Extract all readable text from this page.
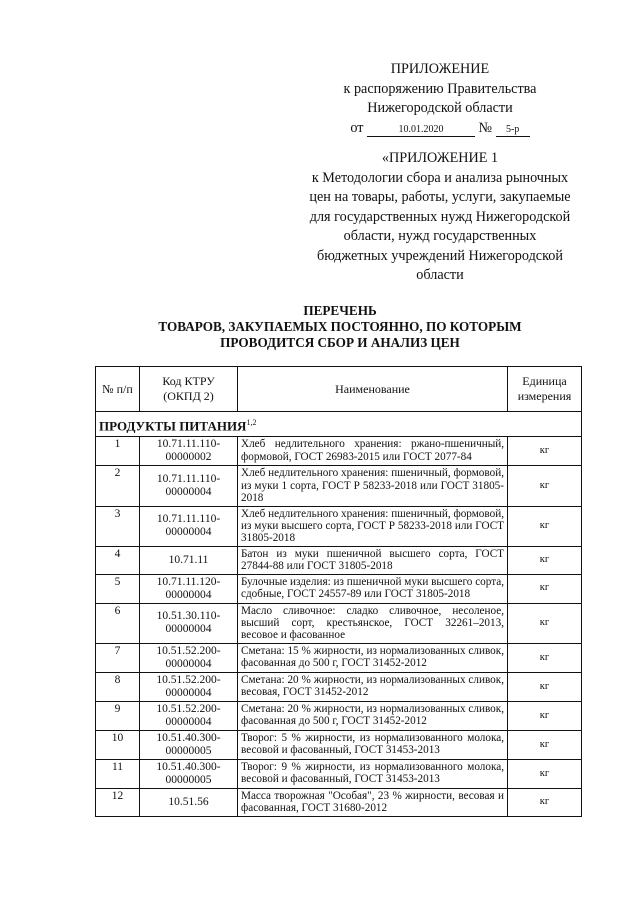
ПРИЛОЖЕНИЕ
к распоряжению Правительства
Нижегородской области
от	10.01.2020 № 5-р
«ПРИЛОЖЕНИЕ 1
к Методологии сбора и анализа рыночных
цен на товары, работы, услуги, закупаемые
для государственных нужд Нижегородской
области, нужд государственных
бюджетных учреждений Нижегородской
области
ПЕРЕЧЕНЬ
ТОВАРОВ, ЗАКУПАЕМЫХ ПОСТОЯННО, ПО КОТОРЫМ
ПРОВОДИТСЯ СБОР И АНАЛИЗ ЦЕН
№ п/п	Код КТРУ (ОКПД 2)	Наименование	Единица измерения
ПРОДУКТЫ ПИТАНИЯ$^{1,2}$
1	10.71.11.110-00000002	Хлеб недлительного хранения: ржано-пшеничный, формовой, ГОСТ 26983-2015 или ГОСТ 2077-84	кг
2	10.71.11.110-00000004	Хлеб недлительного хранения: пшеничный, формовой, из муки 1 сорта, ГОСТ Р 58233-2018 или ГОСТ 31805-2018	кг
3	10.71.11.110-00000004	Хлеб недлительного хранения: пшеничный, формовой, из муки высшего сорта, ГОСТ Р 58233-2018 или ГОСТ 31805-2018	кг
4	10.71.11	Батон из муки пшеничной высшего сорта, ГОСТ 27844-88 или ГОСТ 31805-2018	кг
5	10.71.11.120-00000004	Булочные изделия: из пшеничной муки высшего сорта, сдобные, ГОСТ 24557-89 или ГОСТ 31805-2018	кг
6	10.51.30.110-00000004	Масло сливочное: сладко сливочное, несоленое, высший сорт, крестьянское, ГОСТ 32261–2013, весовое и фасованное	кг
7	10.51.52.200-00000004	Сметана: 15 % жирности, из нормализованных сливок, фасованная до 500 г, ГОСТ 31452-2012	кг
8	10.51.52.200-00000004	Сметана: 20 % жирности, из нормализованных сливок, весовая, ГОСТ 31452-2012	кг
9	10.51.52.200-00000004	Сметана: 20 % жирности, из нормализованных сливок, фасованная до 500 г, ГОСТ 31452-2012	кг
10	10.51.40.300-00000005	Творог: 5 % жирности, из нормализованного молока, весовой и фасованный, ГОСТ 31453-2013	кг
11	10.51.40.300-00000005	Творог: 9 % жирности, из нормализованного молока, весовой и фасованный, ГОСТ 31453-2013	кг
12	10.51.56	Масса творожная "Особая", 23 % жирности, весовая и фасованная, ГОСТ 31680-2012	кг
